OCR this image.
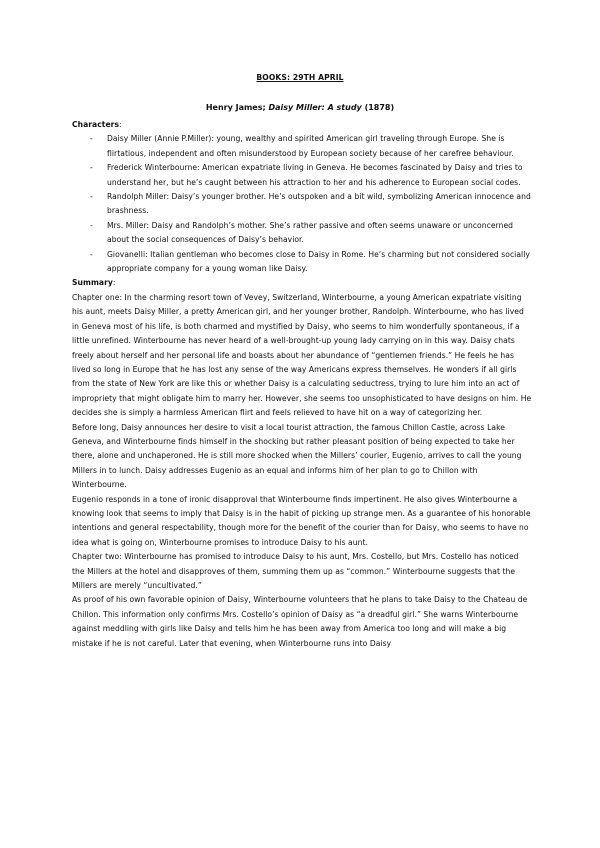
BOOKS: 29TH APRIL
Henry James; Daisy Miller: A study (1878)
Characters:
- Daisy Miller (Annie P.Miller): young, wealthy and spirited American girl traveling through Europe. She is flirtatious, independent and often misunderstood by European society because of her carefree behaviour.
- Frederick Winterbourne: American expatriate living in Geneva. He becomes fascinated by Daisy and tries to understand her, but he’s caught between his attraction to her and his adherence to European social codes.
- Randolph Miller: Daisy’s younger brother. He’s outspoken and a bit wild, symbolizing American innocence and brashness.
- Mrs. Miller: Daisy and Randolph’s mother. She’s rather passive and often seems unaware or unconcerned about the social consequences of Daisy’s behavior.
- Giovanelli: Italian gentleman who becomes close to Daisy in Rome. He’s charming but not considered socially appropriate company for a young woman like Daisy.
Summary:

Chapter one: In the charming resort town of Vevey, Switzerland, Winterbourne, a young American expatriate visiting his aunt, meets Daisy Miller, a pretty American girl, and her younger brother, Randolph. Winterbourne, who has lived in Geneva most of his life, is both charmed and mystified by Daisy, who seems to him wonderfully spontaneous, if a little unrefined. Winterbourne has never heard of a well-brought-up young lady carrying on in this way. Daisy chats freely about herself and her personal life and boasts about her abundance of “gentlemen friends.” He feels he has lived so long in Europe that he has lost any sense of the way Americans express themselves. He wonders if all girls from the state of New York are like this or whether Daisy is a calculating seductress, trying to lure him into an act of impropriety that might obligate him to marry her. However, she seems too unsophisticated to have designs on him. He decides she is simply a harmless American flirt and feels relieved to have hit on a way of categorizing her.

Before long, Daisy announces her desire to visit a local tourist attraction, the famous Chillon Castle, across Lake Geneva, and Winterbourne finds himself in the shocking but rather pleasant position of being expected to take her there, alone and unchaperoned. He is still more shocked when the Millers’ courier, Eugenio, arrives to call the young Millers in to lunch. Daisy addresses Eugenio as an equal and informs him of her plan to go to Chillon with Winterbourne.

Eugenio responds in a tone of ironic disapproval that Winterbourne finds impertinent. He also gives Winterbourne a knowing look that seems to imply that Daisy is in the habit of picking up strange men. As a guarantee of his honorable intentions and general respectability, though more for the benefit of the courier than for Daisy, who seems to have no idea what is going on, Winterbourne promises to introduce Daisy to his aunt.

Chapter two: Winterbourne has promised to introduce Daisy to his aunt, Mrs. Costello, but Mrs. Costello has noticed the Millers at the hotel and disapproves of them, summing them up as “common.” Winterbourne suggests that the Millers are merely “uncultivated.”

As proof of his own favorable opinion of Daisy, Winterbourne volunteers that he plans to take Daisy to the Chateau de Chillon. This information only confirms Mrs. Costello’s opinion of Daisy as “a dreadful girl.” She warns Winterbourne against meddling with girls like Daisy and tells him he has been away from America too long and will make a big mistake if he is not careful. Later that evening, when Winterbourne runs into Daisy
